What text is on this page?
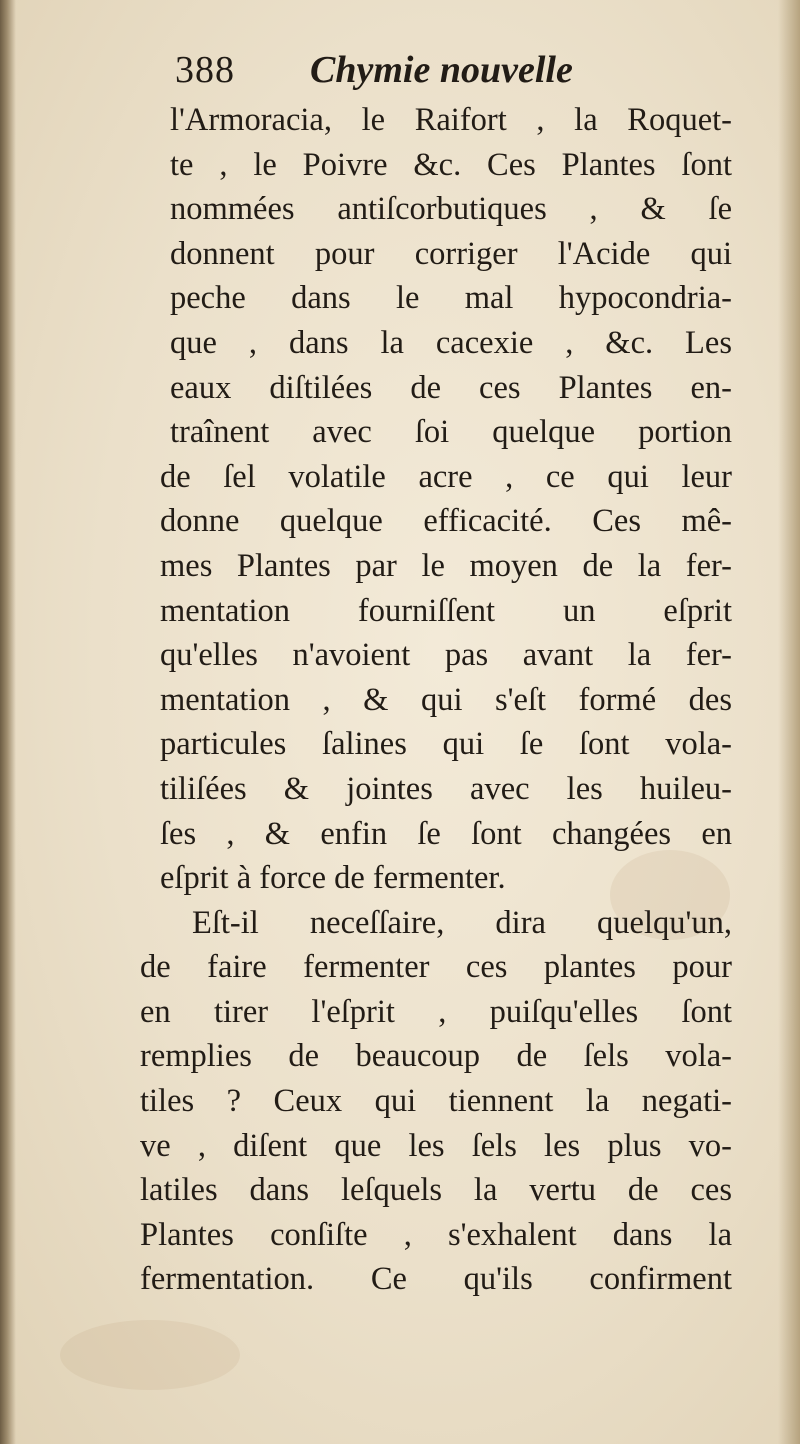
388 Chymie nouvelle
l'Armoracia, le Raifort , la Roquet-
te , le Poivre &c. Ces Plantes ſont
nommées antiſcorbutiques , & ſe
donnent pour corriger l'Acide qui
peche dans le mal hypocondria-
que , dans la cacexie , &c. Les
eaux diſtilées de ces Plantes en-
traînent avec ſoi quelque portion
de ſel volatile acre , ce qui leur
donne quelque efficacité. Ces mê-
mes Plantes par le moyen de la fer-
mentation fourniſſent un eſprit
qu'elles n'avoient pas avant la fer-
mentation , & qui s'eſt formé des
particules ſalines qui ſe ſont vola-
tiliſées & jointes avec les huileu-
ſes , & enfin ſe ſont changées en
eſprit à force de fermenter.
Eſt-il neceſſaire, dira quelqu'un,
de faire fermenter ces plantes pour
en tirer l'eſprit , puiſqu'elles ſont
remplies de beaucoup de ſels vola-
tiles ? Ceux qui tiennent la negati-
ve , diſent que les ſels les plus vo-
latiles dans leſquels la vertu de ces
Plantes conſiſte , s'exhalent dans la
fermentation. Ce qu'ils confirment
